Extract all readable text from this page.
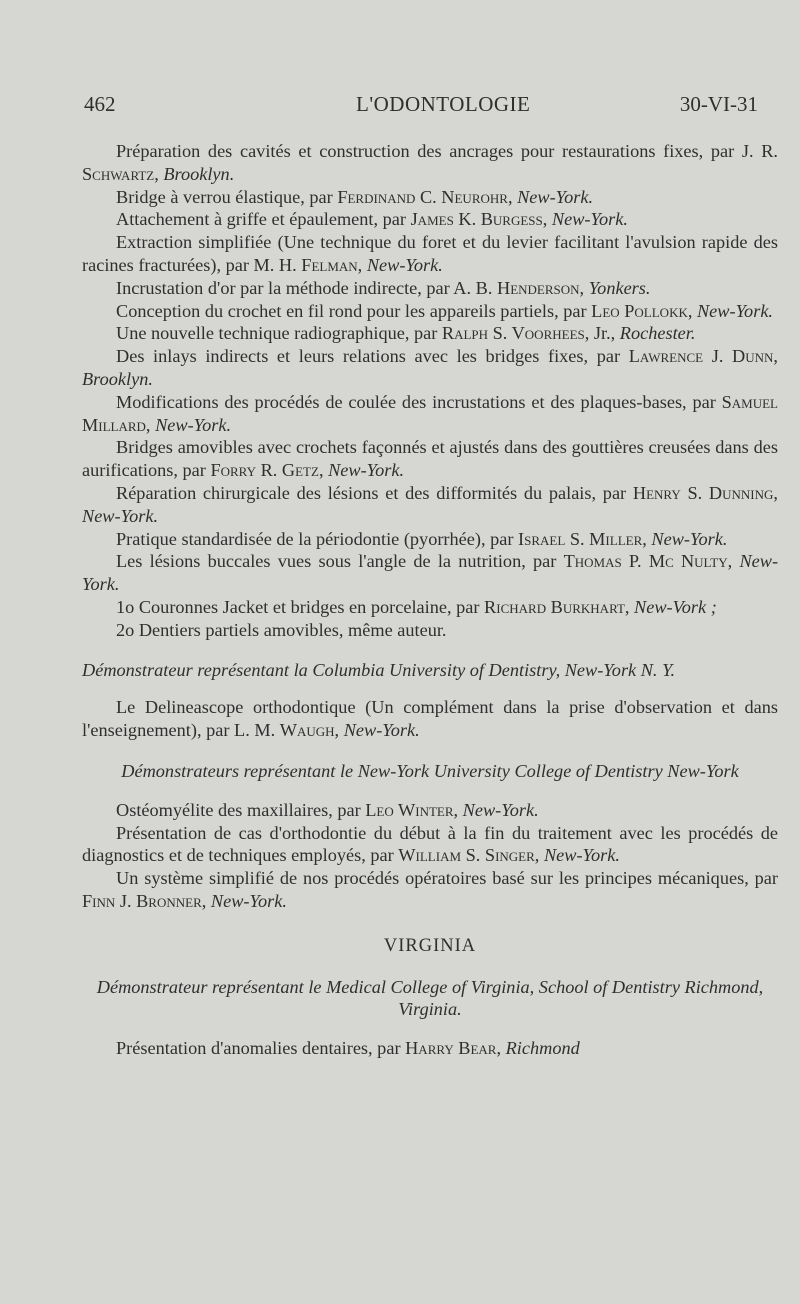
462	L'ODONTOLOGIE	30-VI-31

Préparation des cavités et construction des ancrages pour restaurations fixes, par J. R. Schwartz, Brooklyn.

Bridge à verrou élastique, par Ferdinand C. Neurohr, New-York.

Attachement à griffe et épaulement, par James K. Burgess, New-York.

Extraction simplifiée (Une technique du foret et du levier facilitant l'avulsion rapide des racines fracturées), par M. H. Felman, New-York.

Incrustation d'or par la méthode indirecte, par A. B. Henderson, Yonkers.

Conception du crochet en fil rond pour les appareils partiels, par Leo Pollokk, New-York.

Une nouvelle technique radiographique, par Ralph S. Voorhees, Jr., Rochester.

Des inlays indirects et leurs relations avec les bridges fixes, par Lawrence J. Dunn, Brooklyn.

Modifications des procédés de coulée des incrustations et des plaques-bases, par Samuel Millard, New-York.

Bridges amovibles avec crochets façonnés et ajustés dans des gouttières creusées dans des aurifications, par Forry R. Getz, New-York.

Réparation chirurgicale des lésions et des difformités du palais, par Henry S. Dunning, New-York.

Pratique standardisée de la périodontie (pyorrhée), par Israel S. Miller, New-York.

Les lésions buccales vues sous l'angle de la nutrition, par Thomas P. Mc Nulty, New-York.

1o Couronnes Jacket et bridges en porcelaine, par Richard Burkhart, New-Vork ;

2o Dentiers partiels amovibles, même auteur.

Démonstrateur représentant la Columbia University of Dentistry, New-York N. Y.

Le Delineascope orthodontique (Un complément dans la prise d'observation et dans l'enseignement), par L. M. Waugh, New-York.

Démonstrateurs représentant le New-York University College of Dentistry New-York

Ostéomyélite des maxillaires, par Leo Winter, New-York.

Présentation de cas d'orthodontie du début à la fin du traitement avec les procédés de diagnostics et de techniques employés, par William S. Singer, New-York.

Un système simplifié de nos procédés opératoires basé sur les principes mécaniques, par Finn J. Bronner, New-York.

VIRGINIA

Démonstrateur représentant le Medical College of Virginia, School of Dentistry Richmond, Virginia.

Présentation d'anomalies dentaires, par Harry Bear, Richmond
